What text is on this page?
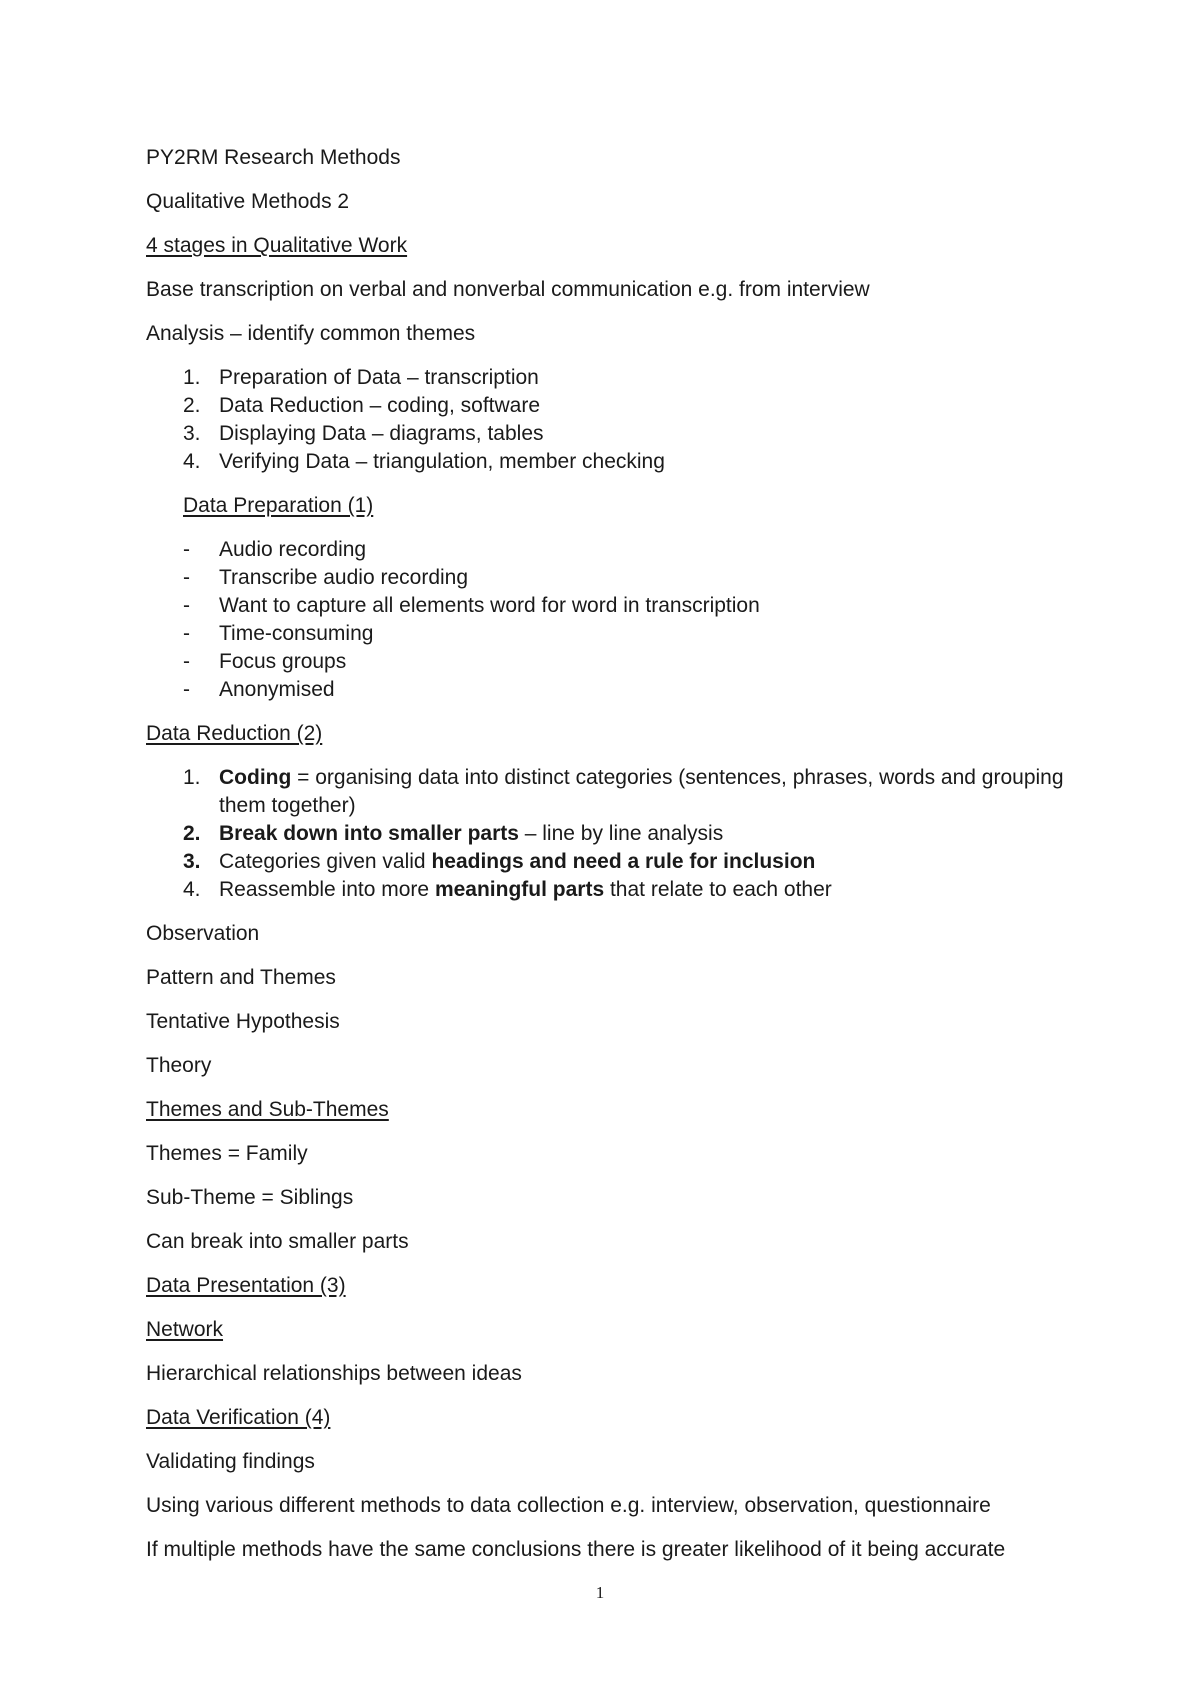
PY2RM Research Methods

Qualitative Methods 2

4 stages in Qualitative Work

Base transcription on verbal and nonverbal communication e.g. from interview

Analysis – identify common themes

1. Preparation of Data – transcription
2. Data Reduction – coding, software
3. Displaying Data – diagrams, tables
4. Verifying Data – triangulation, member checking

Data Preparation (1)

- Audio recording
- Transcribe audio recording
- Want to capture all elements word for word in transcription
- Time-consuming
- Focus groups
- Anonymised

Data Reduction (2)

1. Coding = organising data into distinct categories (sentences, phrases, words and grouping them together)
2. Break down into smaller parts – line by line analysis
3. Categories given valid headings and need a rule for inclusion
4. Reassemble into more meaningful parts that relate to each other

Observation

Pattern and Themes

Tentative Hypothesis

Theory

Themes and Sub-Themes

Themes = Family

Sub-Theme = Siblings

Can break into smaller parts

Data Presentation (3)

Network

Hierarchical relationships between ideas

Data Verification (4)

Validating findings

Using various different methods to data collection e.g. interview, observation, questionnaire

If multiple methods have the same conclusions there is greater likelihood of it being accurate

1
